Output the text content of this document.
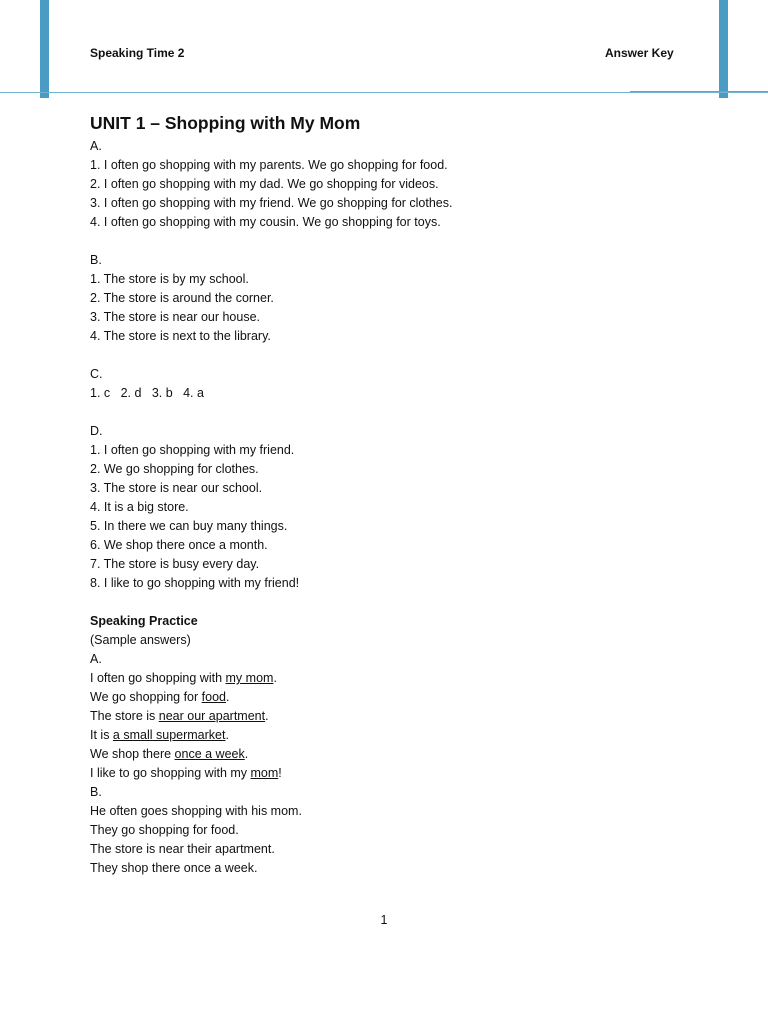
Speaking Time 2	Answer Key
UNIT 1 – Shopping with My Mom
A.
1. I often go shopping with my parents. We go shopping for food.
2. I often go shopping with my dad. We go shopping for videos.
3. I often go shopping with my friend. We go shopping for clothes.
4. I often go shopping with my cousin. We go shopping for toys.
B.
1. The store is by my school.
2. The store is around the corner.
3. The store is near our house.
4. The store is next to the library.
C.
1. c   2. d   3. b   4. a
D.
1. I often go shopping with my friend.
2. We go shopping for clothes.
3. The store is near our school.
4. It is a big store.
5. In there we can buy many things.
6. We shop there once a month.
7. The store is busy every day.
8. I like to go shopping with my friend!
Speaking Practice
(Sample answers)
A.
I often go shopping with my mom.
We go shopping for food.
The store is near our apartment.
It is a small supermarket.
We shop there once a week.
I like to go shopping with my mom!
B.
He often goes shopping with his mom.
They go shopping for food.
The store is near their apartment.
They shop there once a week.
1
